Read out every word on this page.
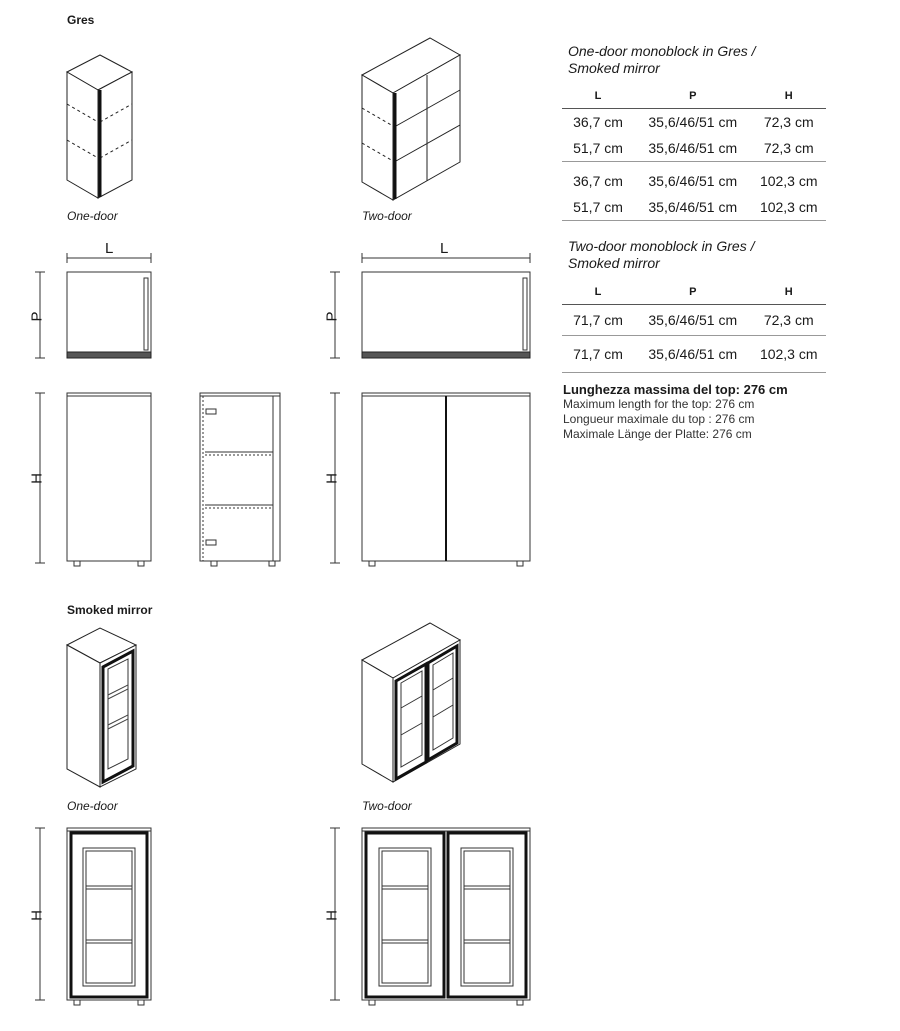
Gres
One-door	Two-door
L
P
L
P
H	H
One-door monoblock in Gres /
Smoked mirror
L	P	H
36,7 cm	35,6/46/51 cm	72,3 cm
51,7 cm	35,6/46/51 cm	72,3 cm
36,7 cm	35,6/46/51 cm	102,3 cm
51,7 cm	35,6/46/51 cm	102,3 cm
Two-door monoblock in Gres /
Smoked mirror
L	P	H
71,7 cm	35,6/46/51 cm	72,3 cm
71,7 cm	35,6/46/51 cm	102,3 cm
Lunghezza massima del top: 276 cm
Maximum length for the top: 276 cm
Longueur maximale du top : 276 cm
Maximale Länge der Platte: 276 cm
Smoked mirror
One-door	Two-door
H	H
